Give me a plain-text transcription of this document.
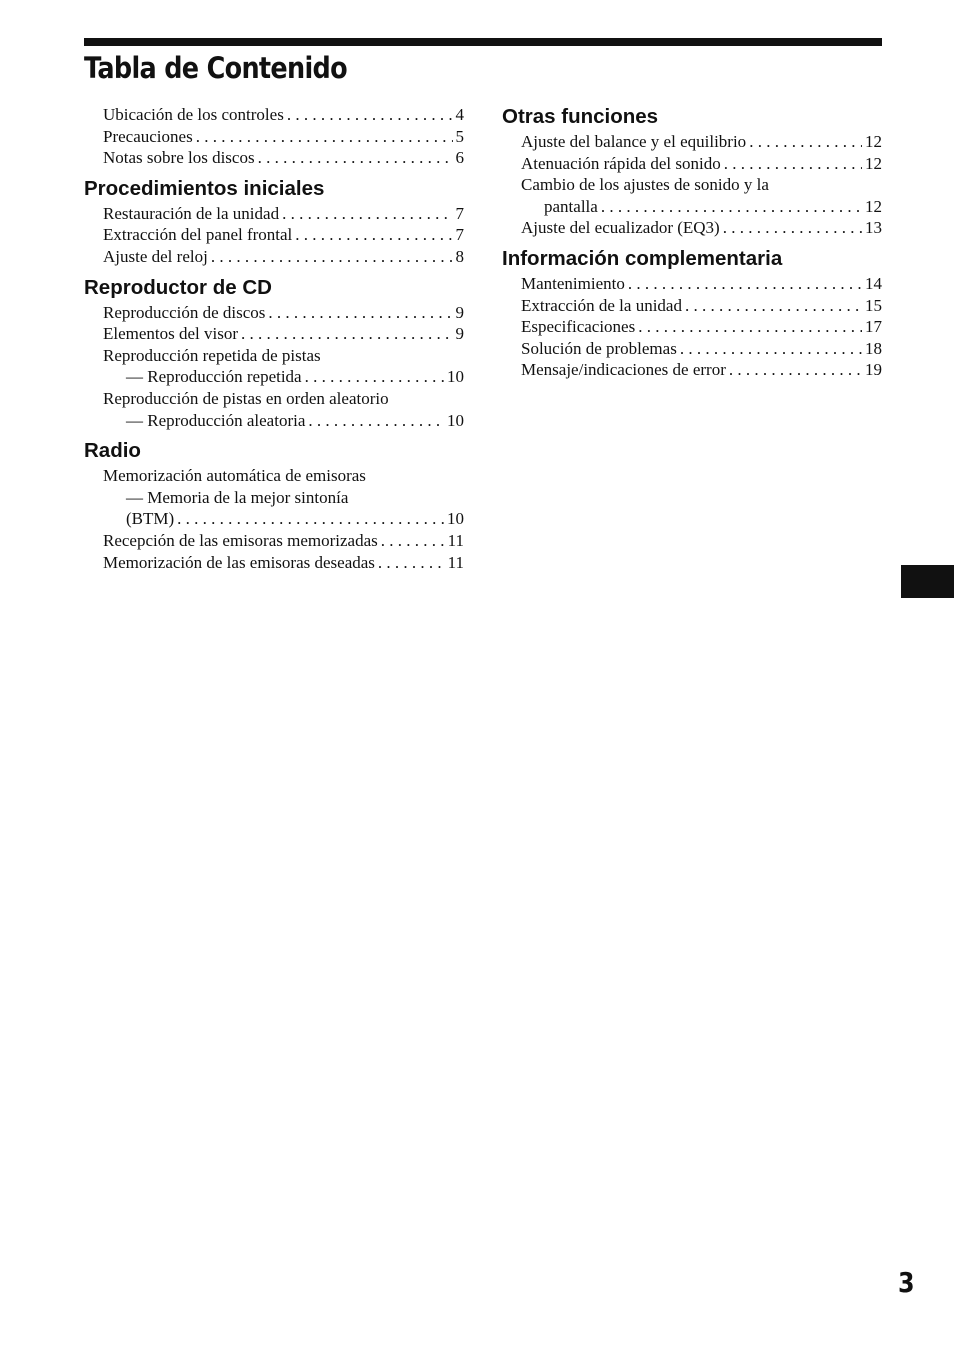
Tabla de Contenido
Ubicación de los controles . . .	4
Precauciones . . .	5
Notas sobre los discos . . .	6
Procedimientos iniciales
Restauración de la unidad . . .	7
Extracción del panel frontal . . .	7
Ajuste del reloj . . .	8
Reproductor de CD
Reproducción de discos . . .	9
Elementos del visor . . .	9
Reproducción repetida de pistas
— Reproducción repetida . . .	10
Reproducción de pistas en orden aleatorio
— Reproducción aleatoria . . .	10
Radio
Memorización automática de emisoras
— Memoria de la mejor sintonía
(BTM) . . .	10
Recepción de las emisoras memorizadas . . .	11
Memorización de las emisoras deseadas . . .	11
Otras funciones
Ajuste del balance y el equilibrio . . .	12
Atenuación rápida del sonido . . .	12
Cambio de los ajustes de sonido y la
pantalla . . .	12
Ajuste del ecualizador (EQ3) . . .	13
Información complementaria
Mantenimiento . . .	14
Extracción de la unidad . . .	15
Especificaciones . . .	17
Solución de problemas . . .	18
Mensaje/indicaciones de error . . .	19
3
